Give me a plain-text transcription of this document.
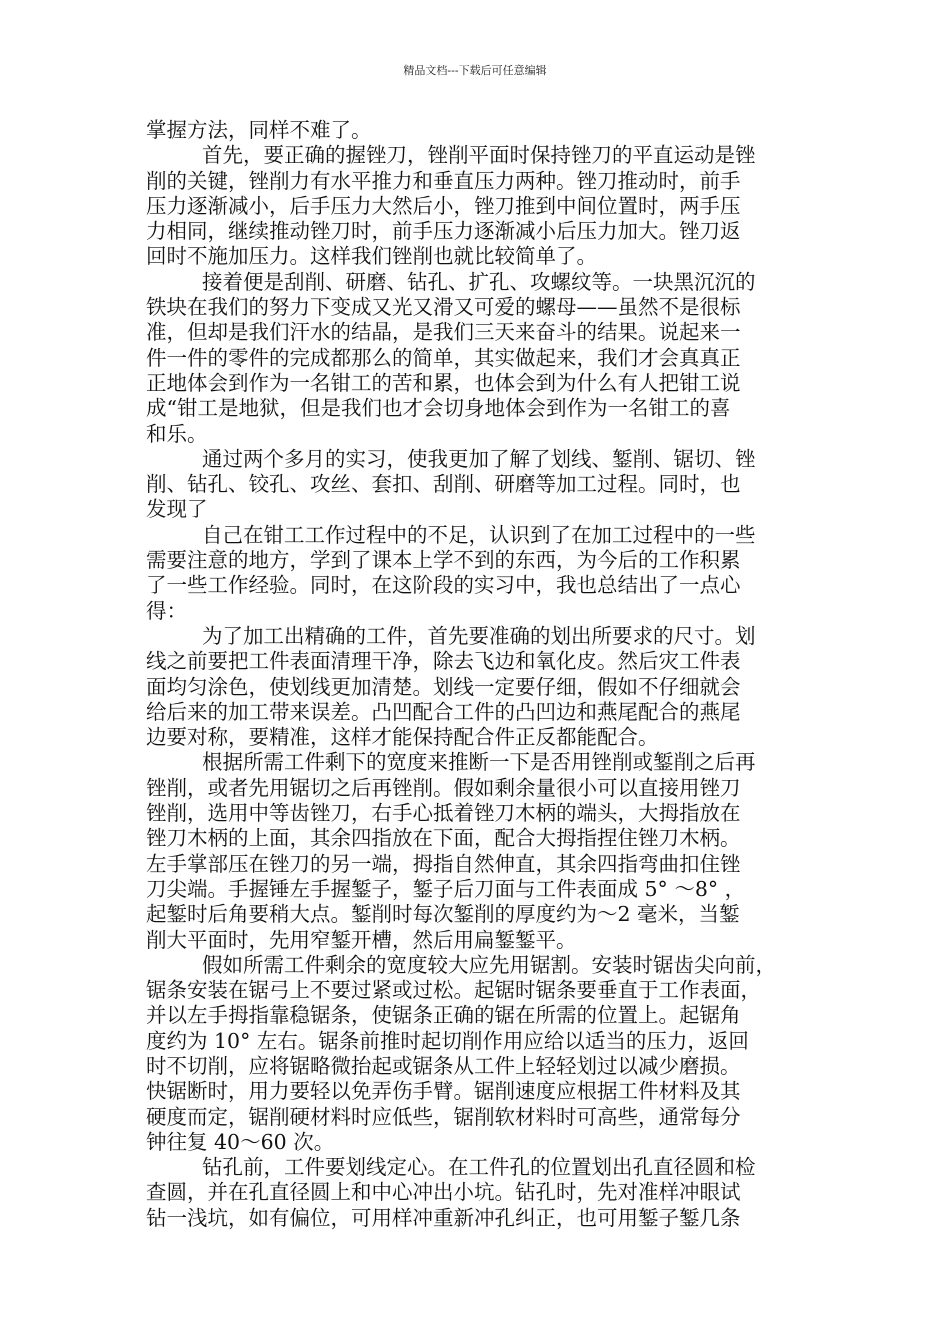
精品文档---下载后可任意编辑
掌握方法，同样不难了。
首先，要正确的握锉刀，锉削平面时保持锉刀的平直运动是锉
削的关键，锉削力有水平推力和垂直压力两种。锉刀推动时，前手
压力逐渐减小，后手压力大然后小，锉刀推到中间位置时，两手压
力相同，继续推动锉刀时，前手压力逐渐减小后压力加大。锉刀返
回时不施加压力。这样我们锉削也就比较简单了。
接着便是刮削、研磨、钻孔、扩孔、攻螺纹等。一块黑沉沉的
铁块在我们的努力下变成又光又滑又可爱的螺母——虽然不是很标
准，但却是我们汗水的结晶，是我们三天来奋斗的结果。说起来一
件一件的零件的完成都那么的简单，其实做起来，我们才会真真正
正地体会到作为一名钳工的苦和累，也体会到为什么有人把钳工说
成“钳工是地狱，但是我们也才会切身地体会到作为一名钳工的喜
和乐。
通过两个多月的实习，使我更加了解了划线、錾削、锯切、锉
削、钻孔、铰孔、攻丝、套扣、刮削、研磨等加工过程。同时，也
发现了
自己在钳工工作过程中的不足，认识到了在加工过程中的一些
需要注意的地方，学到了课本上学不到的东西，为今后的工作积累
了一些工作经验。同时，在这阶段的实习中，我也总结出了一点心
得：
为了加工出精确的工件，首先要准确的划出所要求的尺寸。划
线之前要把工件表面清理干净，除去飞边和氧化皮。然后灾工件表
面均匀涂色，使划线更加清楚。划线一定要仔细，假如不仔细就会
给后来的加工带来误差。凸凹配合工件的凸凹边和燕尾配合的燕尾
边要对称，要精准，这样才能保持配合件正反都能配合。
根据所需工件剩下的宽度来推断一下是否用锉削或錾削之后再
锉削，或者先用锯切之后再锉削。假如剩余量很小可以直接用锉刀
锉削，选用中等齿锉刀，右手心抵着锉刀木柄的端头，大拇指放在
锉刀木柄的上面，其余四指放在下面，配合大拇指捏住锉刀木柄。
左手掌部压在锉刀的另一端，拇指自然伸直，其余四指弯曲扣住锉
刀尖端。手握锤左手握錾子，錾子后刀面与工件表面成 5° ～8° ，
起錾时后角要稍大点。錾削时每次錾削的厚度约为～2 毫米，当錾
削大平面时，先用窄錾开槽，然后用扁錾錾平。
假如所需工件剩余的宽度较大应先用锯割。安装时锯齿尖向前，
锯条安装在锯弓上不要过紧或过松。起锯时锯条要垂直于工作表面，
并以左手拇指靠稳锯条，使锯条正确的锯在所需的位置上。起锯角
度约为 10° 左右。锯条前推时起切削作用应给以适当的压力，返回
时不切削，应将锯略微抬起或锯条从工件上轻轻划过以减少磨损。
快锯断时，用力要轻以免弄伤手臂。锯削速度应根据工件材料及其
硬度而定，锯削硬材料时应低些，锯削软材料时可高些，通常每分
钟往复 40～60 次。
钻孔前，工件要划线定心。在工件孔的位置划出孔直径圆和检
查圆，并在孔直径圆上和中心冲出小坑。钻孔时，先对准样冲眼试
钻一浅坑，如有偏位，可用样冲重新冲孔纠正，也可用錾子錾几条
